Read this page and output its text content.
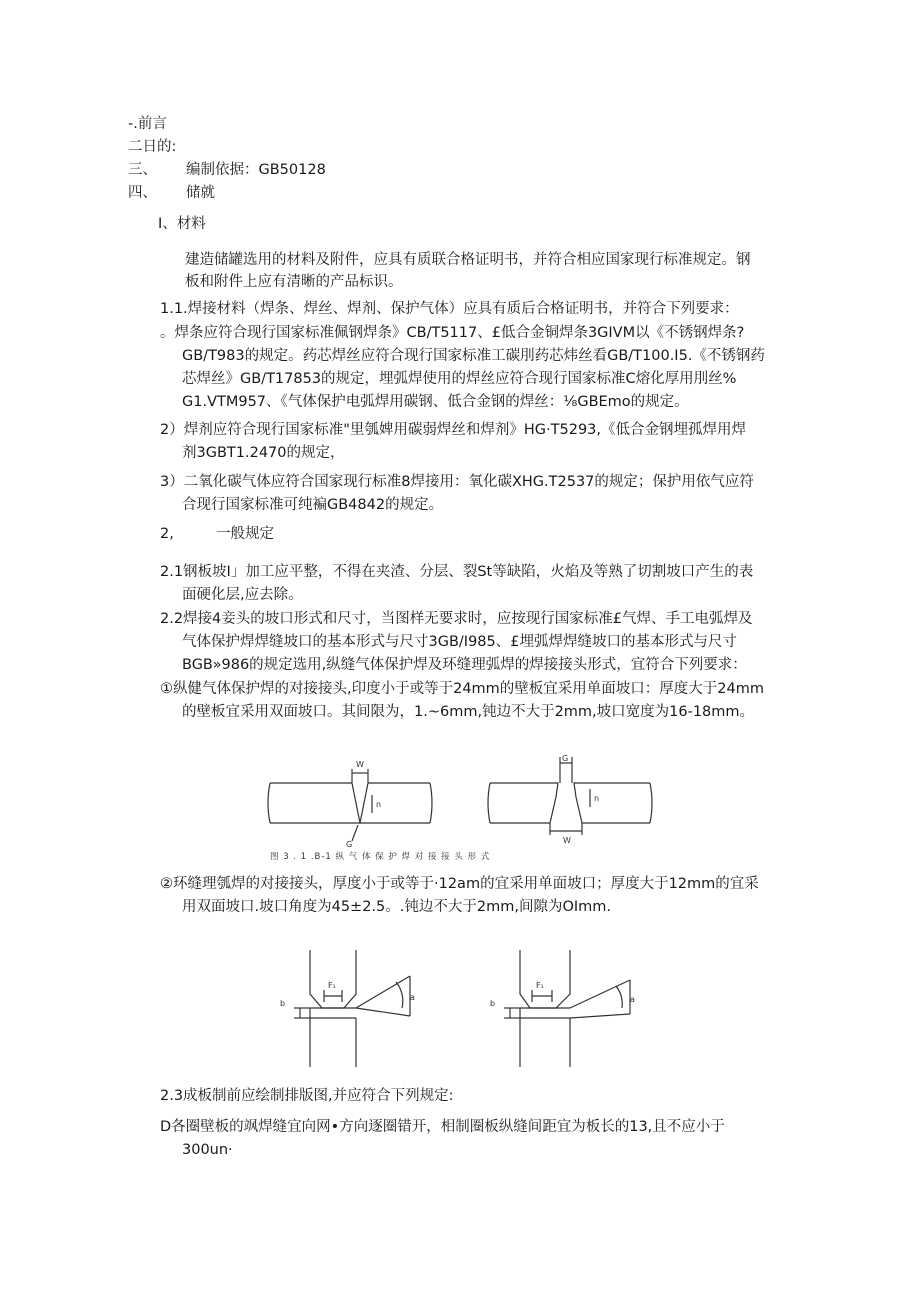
-.前言
二日的:
三、 编制依据：GB50128
四、 储就
I、材料
建造储罐选用的材料及附件，应具有质联合格证明书，并符合相应国家现行标准规定。钢
板和附件上应有清晰的产品标识。
1.1.焊接材料（焊条、焊丝、焊剂、保护气体）应具有质后合格证明书，并符合下列要求：
。焊条应符合现行国家标准佩钢焊条》CB/T5117、£低合金铜焊条3GIVM以《不锈钢焊条?
GB/T983的规定。药芯焊丝应符合现行国家标准工碳刖药芯炜丝看GB/T100.I5.《不锈钢药
芯焊丝》GB/T17853的规定，埋弧焊使用的焊丝应符合现行国家标准C熔化厚用刖丝%
G1.VTM957、《气体保护电弧焊用碳钢、低合金钢的焊丝：⅛GBEmo的规定。
2）焊剂应符合现行国家标准"里瓠婢用碳弱焊丝和焊剂》HG·T5293,《低合金钢埋孤焊用焊
剂3GBT1.2470的规定，
3）二氧化碳气体应符合国家现行标准8焊接用：氧化碳XHG.T2537的规定；保护用依气应符
合现行国家标准可纯褊GB4842的规定。
2,	一般规定
2.1钢板坡I」加工应平整，不得在夹渣、分层、裂St等缺陷，火焰及等熟了切割坡口产生的表
面硬化层,应去除。
2.2焊接4妾头的坡口形式和尺寸，当图样无要求时，应按现行国家标准£气焊、手工电弧焊及
气体保护焊焊缝坡口的基本形式与尺寸3GB/I985、£埋弧焊焊缝坡口的基本形式与尺寸
BGB»986的规定选用,纵缝气体保护焊及环缝理弧焊的焊接接头形式，宜符合下列要求：
①纵健气体保护焊的对接接头,印度小于或等于24mm的壁板宜采用单面坡口：厚度大于24mm
的壁板宜采用双面坡口。其间限为，1.~6mm,钝边不大于2mm,坡口宽度为16-18mm。
W
n
G
G
n
W
图 3 . 1 .B-1 纵 气 体 保 护 焊 对 接 接 头 形 式
②环缝理瓠焊的对接接头，厚度小于或等于·12am的宜采用单面坡口；厚度大于12mm的宜采
用双面坡口.坡口角度为45±2.5。.钝边不大于2mm,间隙为OImm.
F₁	F₁
b	b
a	a
2.3成板制前应绘制排版图,并应符合下列规定:
D各圈壁板的飒焊缝宜向网•方向逐圈错开，相制圈板纵缝间距宜为板长的13,且不应小于
300un·
